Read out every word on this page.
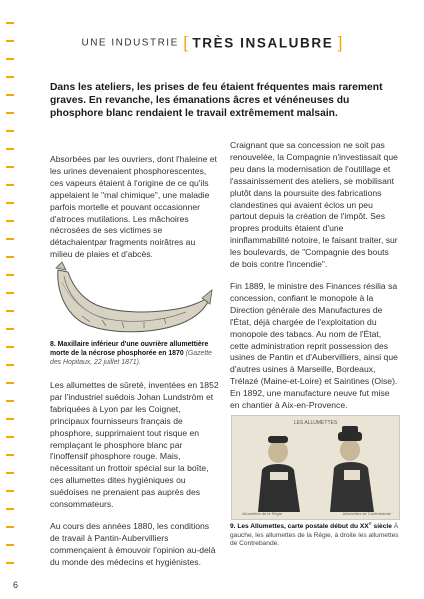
UNE INDUSTRIE [ TRÈS INSALUBRE ]

Dans les ateliers, les prises de feu étaient fréquentes mais rarement graves. En revanche, les émanations âcres et vénéneuses du phosphore blanc rendaient le travail extrêmement malsain.

Absorbées par les ouvriers, dont l'haleine et les urines devenaient phosphorescentes, ces vapeurs étaient à l'origine de ce qu'ils appelaient le "mal chimique", une maladie parfois mortelle et pouvant occasionner d'atroces mutilations. Les mâchoires nécrosées de ses victimes se détachaientpar fragments noirâtres au milieu de plaies et d'abcès.

8. Maxillaire inférieur d'une ouvrière allumettière morte de la nécrose phosphorée en 1870 (Gazette des Hopitaux, 22 juillet 1871).

Les allumettes de sûreté, inventées en 1852 par l'industriel suédois Johan Lundström et fabriquées à Lyon par les Coignet, principaux fournisseurs français de phosphore, supprimaient tout risque en remplaçant le phosphore blanc par l'inoffensif phosphore rouge. Mais, nécessitant un frottoir spécial sur la boîte, ces allumettes dites hygiéniques ou suédoises ne prenaient pas auprès des consommateurs.

Au cours des années 1880, les conditions de travail à Pantin-Aubervilliers commençaient à émouvoir l'opinion au-delà du monde des médecins et hygiénistes.

Craignant que sa concession ne soit pas renouvelée, la Compagnie n'investissait que peu dans la modernisation de l'outillage et l'assainissement des ateliers, se mobilisant plutôt dans la poursuite des fabrications clandestines qui avaient éclos un peu partout depuis la création de l'impôt. Ses propres produits étaient d'une ininflammabilité notoire, le faisant traiter, sur les boulevards, de "Compagnie des bouts de bois contre l'incendie".

Fin 1889, le ministre des Finances résilia sa concession, confiant le monopole à la Direction générale des Manufactures de l'État, déjà chargée de l'exploitation du monopole des tabacs. Au nom de l'État, cette administration reprit possession des usines de Pantin et d'Aubervilliers, ainsi que d'autres usines à Marseille, Bordeaux, Trélazé (Maine-et-Loire) et Saintines (Oise). En 1892, une manufacture neuve fut mise en chantier à Aix-en-Provence.

LES ALLUMETTES
Allumettes de la Régie	Allumettes de Contrebande
9. Les Allumettes, carte postale début du XXe siècle À gauche, les allumettes de la Régie, à droite les allumettes de Contrebande.
6
